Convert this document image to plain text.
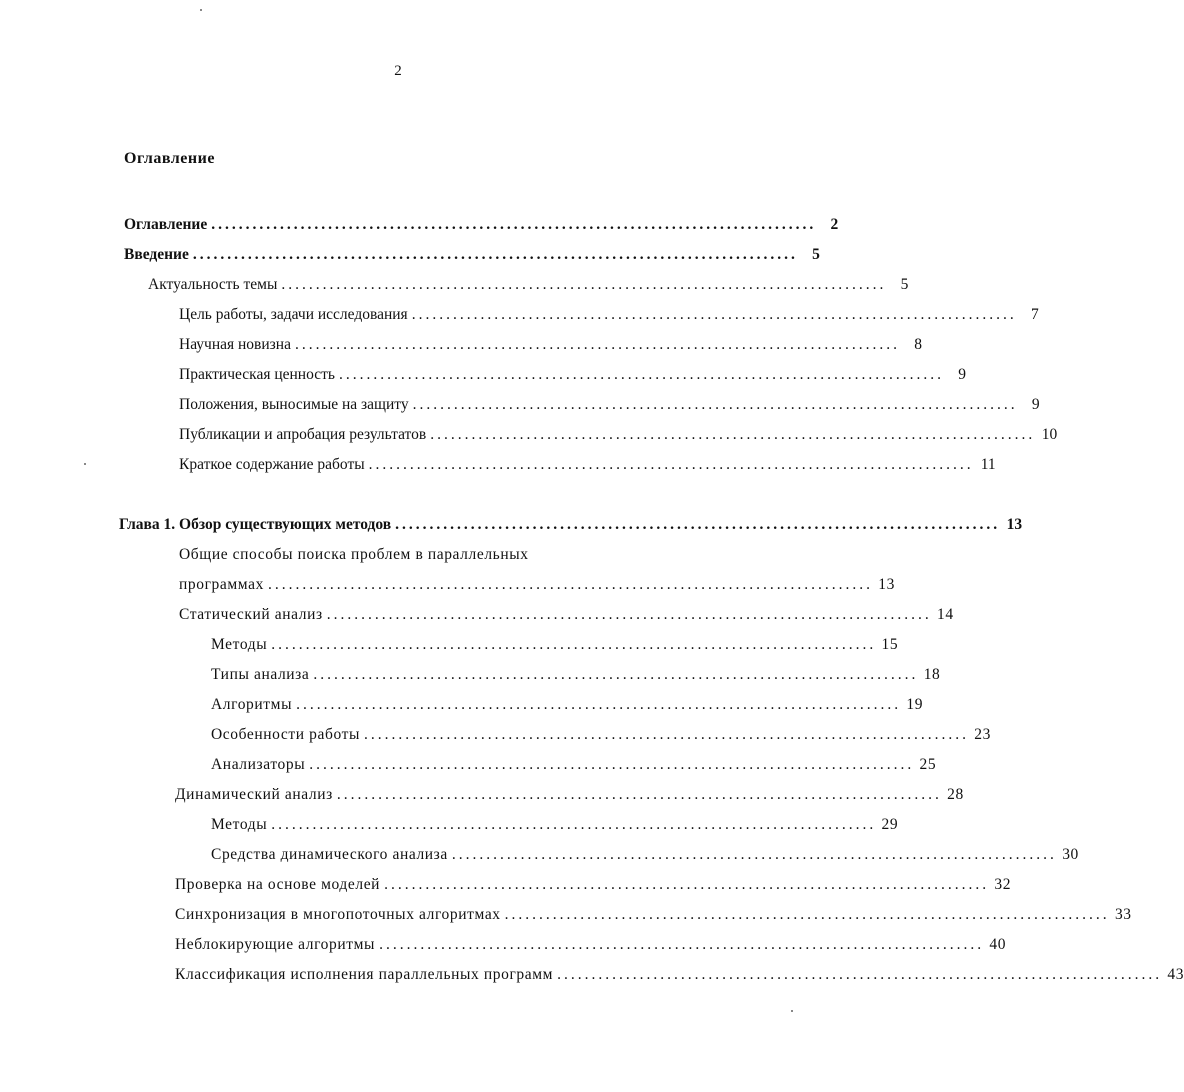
2
Оглавление
Оглавление ........................................................................................ 2
Введение ........................................................................................ 5
Актуальность темы ........................................................................................ 5
Цель работы, задачи исследования ........................................................................................ 7
Научная новизна ........................................................................................ 8
Практическая ценность ........................................................................................ 9
Положения, выносимые на защиту ........................................................................................ 9
Публикации и апробация результатов ........................................................................................ 10
Краткое содержание работы ........................................................................................ 11
Глава 1. Обзор существующих методов ........................................................................................ 13
Общие способы поиска проблем в параллельных
программах ........................................................................................ 13
Статический анализ ........................................................................................ 14
Методы ........................................................................................ 15
Типы анализа ........................................................................................ 18
Алгоритмы ........................................................................................ 19
Особенности работы ........................................................................................ 23
Анализаторы ........................................................................................ 25
Динамический анализ ........................................................................................ 28
Методы ........................................................................................ 29
Средства динамического анализа ........................................................................................ 30
Проверка на основе моделей ........................................................................................ 32
Синхронизация в многопоточных алгоритмах ........................................................................................ 33
Неблокирующие алгоритмы ........................................................................................ 40
Классификация исполнения параллельных программ ........................................................................................ 43
